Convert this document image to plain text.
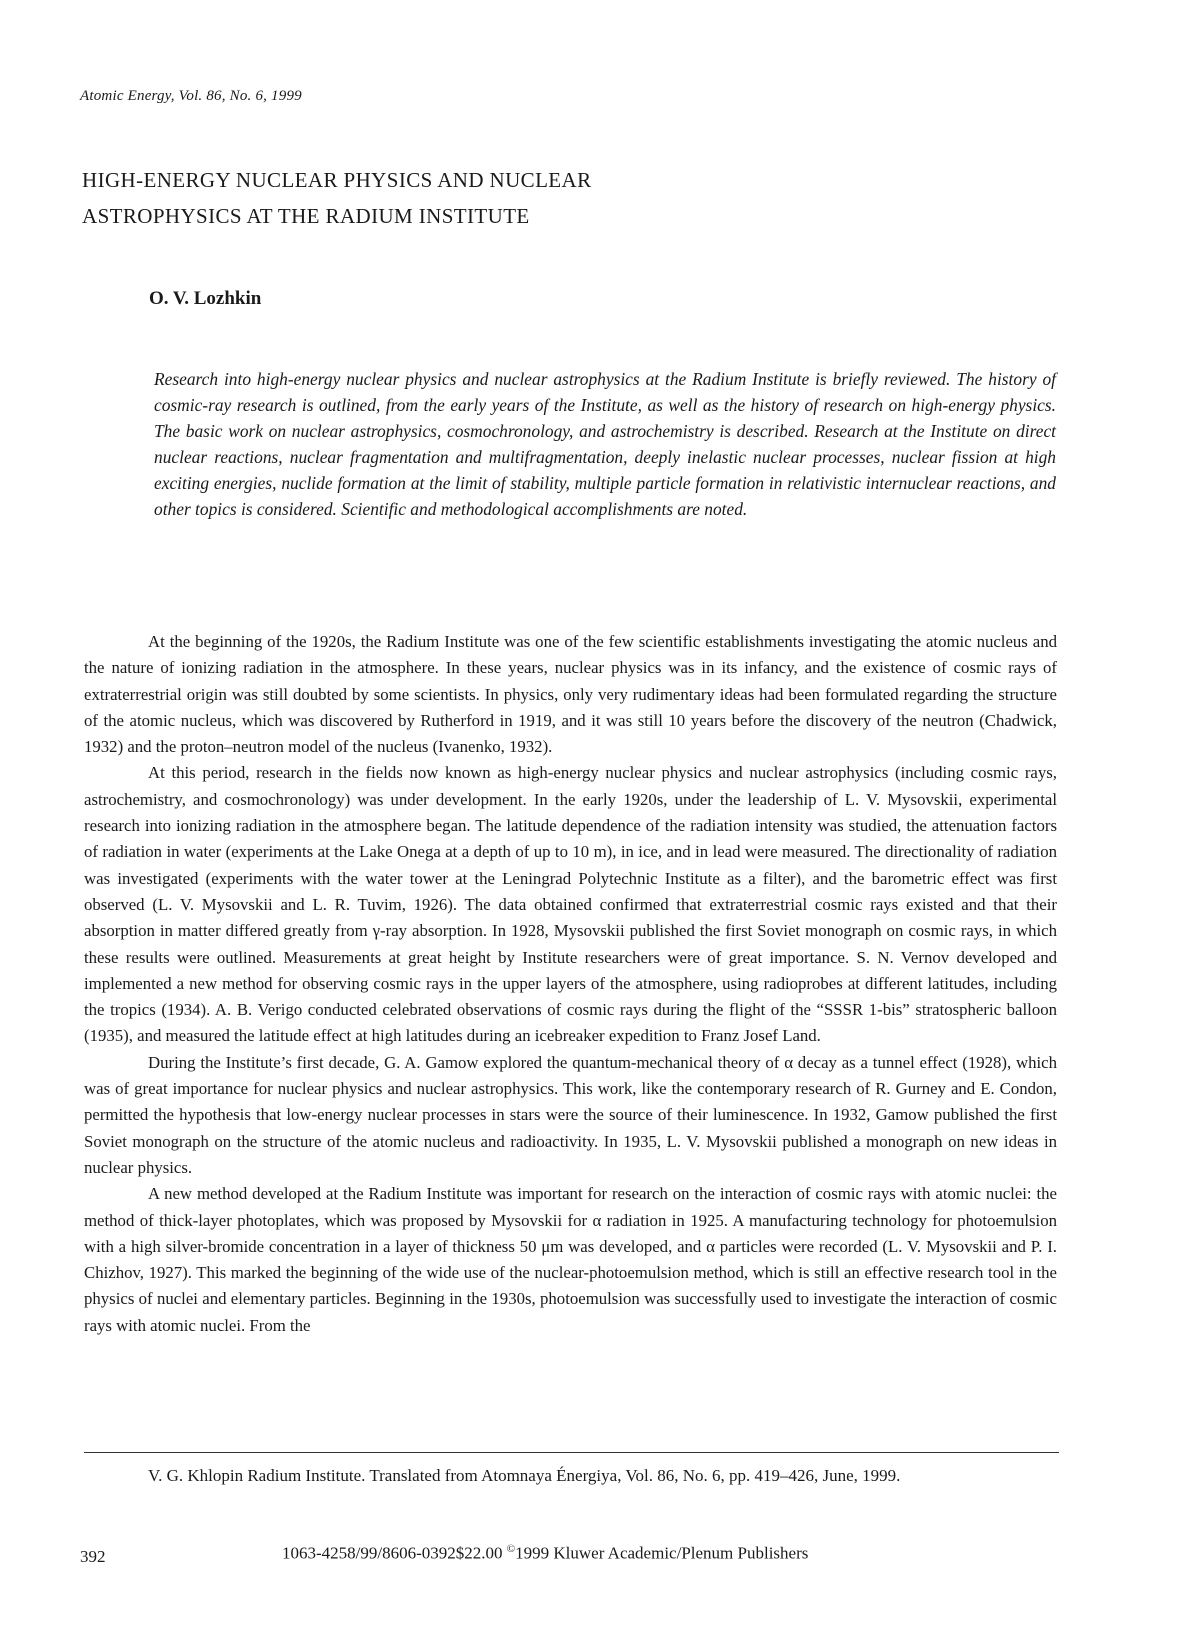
Atomic Energy, Vol. 86, No. 6, 1999
HIGH-ENERGY NUCLEAR PHYSICS AND NUCLEAR
ASTROPHYSICS AT THE RADIUM INSTITUTE
O. V. Lozhkin

Research into high-energy nuclear physics and nuclear astrophysics at the Radium Institute is briefly reviewed. The history of cosmic-ray research is outlined, from the early years of the Institute, as well as the history of research on high-energy physics. The basic work on nuclear astrophysics, cosmochronology, and astrochemistry is described. Research at the Institute on direct nuclear reactions, nuclear fragmentation and multifragmentation, deeply inelastic nuclear processes, nuclear fission at high exciting energies, nuclide formation at the limit of stability, multiple particle formation in relativistic internuclear reactions, and other topics is considered. Scientific and methodological accomplishments are noted.

At the beginning of the 1920s, the Radium Institute was one of the few scientific establishments investigating the atomic nucleus and the nature of ionizing radiation in the atmosphere. In these years, nuclear physics was in its infancy, and the existence of cosmic rays of extraterrestrial origin was still doubted by some scientists. In physics, only very rudimentary ideas had been formulated regarding the structure of the atomic nucleus, which was discovered by Rutherford in 1919, and it was still 10 years before the discovery of the neutron (Chadwick, 1932) and the proton–neutron model of the nucleus (Ivanenko, 1932).

At this period, research in the fields now known as high-energy nuclear physics and nuclear astrophysics (including cosmic rays, astrochemistry, and cosmochronology) was under development. In the early 1920s, under the leadership of L. V. Mysovskii, experimental research into ionizing radiation in the atmosphere began. The latitude dependence of the radiation intensity was studied, the attenuation factors of radiation in water (experiments at the Lake Onega at a depth of up to 10 m), in ice, and in lead were measured. The directionality of radiation was investigated (experiments with the water tower at the Leningrad Polytechnic Institute as a filter), and the barometric effect was first observed (L. V. Mysovskii and L. R. Tuvim, 1926). The data obtained confirmed that extraterrestrial cosmic rays existed and that their absorption in matter differed greatly from γ-ray absorption. In 1928, Mysovskii published the first Soviet monograph on cosmic rays, in which these results were outlined. Measurements at great height by Institute researchers were of great importance. S. N. Vernov developed and implemented a new method for observing cosmic rays in the upper layers of the atmosphere, using radioprobes at different latitudes, including the tropics (1934). A. B. Verigo conducted celebrated observations of cosmic rays during the flight of the “SSSR 1-bis” stratospheric balloon (1935), and measured the latitude effect at high latitudes during an icebreaker expedition to Franz Josef Land.

During the Institute’s first decade, G. A. Gamow explored the quantum-mechanical theory of α decay as a tunnel effect (1928), which was of great importance for nuclear physics and nuclear astrophysics. This work, like the contemporary research of R. Gurney and E. Condon, permitted the hypothesis that low-energy nuclear processes in stars were the source of their luminescence. In 1932, Gamow published the first Soviet monograph on the structure of the atomic nucleus and radioactivity. In 1935, L. V. Mysovskii published a monograph on new ideas in nuclear physics.

A new method developed at the Radium Institute was important for research on the interaction of cosmic rays with atomic nuclei: the method of thick-layer photoplates, which was proposed by Mysovskii for α radiation in 1925. A manufacturing technology for photoemulsion with a high silver-bromide concentration in a layer of thickness 50 μm was developed, and α particles were recorded (L. V. Mysovskii and P. I. Chizhov, 1927). This marked the beginning of the wide use of the nuclear-photoemulsion method, which is still an effective research tool in the physics of nuclei and elementary particles. Beginning in the 1930s, photoemulsion was successfully used to investigate the interaction of cosmic rays with atomic nuclei. From the

V. G. Khlopin Radium Institute. Translated from Atomnaya Énergiya, Vol. 86, No. 6, pp. 419–426, June, 1999.
392	1063-4258/99/8606-0392$22.00 ©1999 Kluwer Academic/Plenum Publishers
